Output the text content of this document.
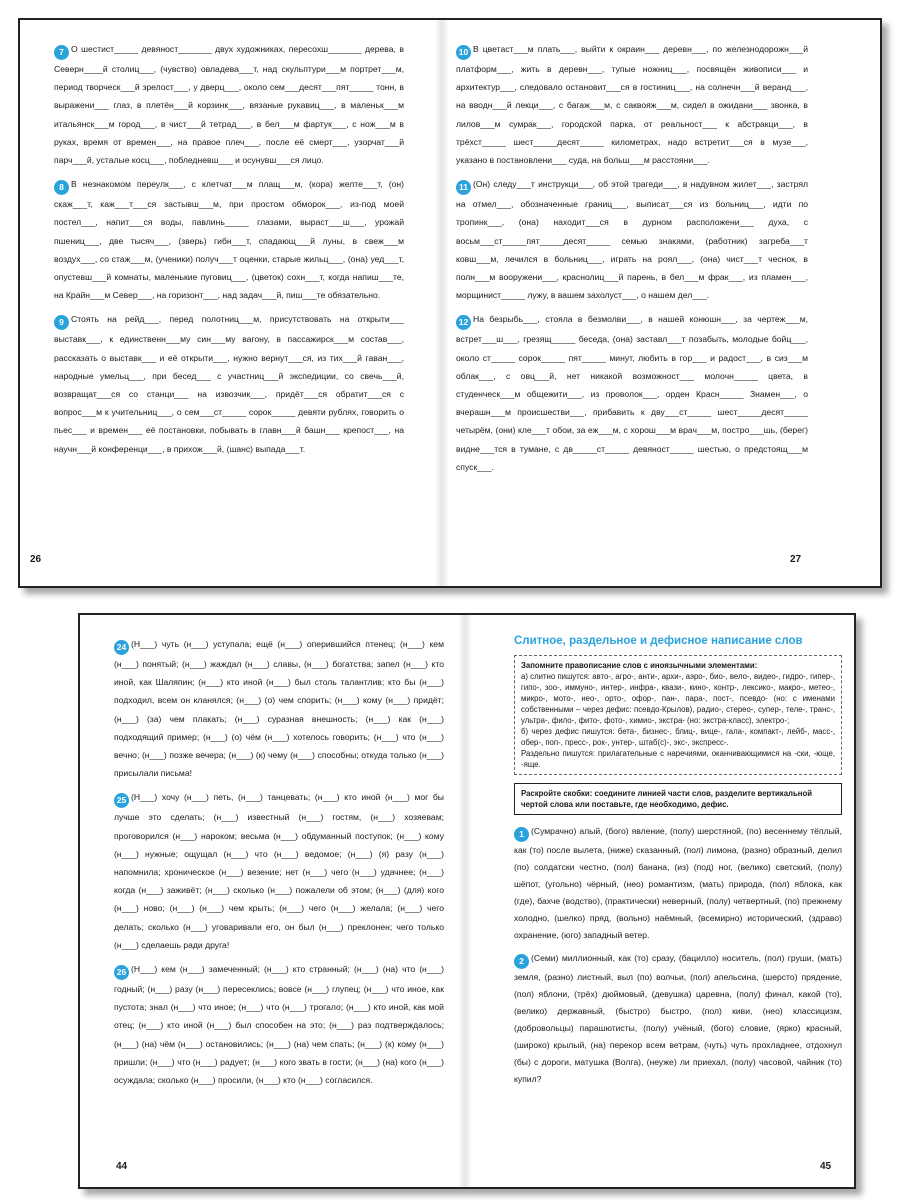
7 О шестист_____ девяност_______ двух художниках, пересохш_______ дерева, в Северн____й столиц___, (чувство) овладева___т, над скульптури___м портрет___м, период творческ___й зрелост___, у дверц___, около сем___десят___пят_____ тонн, в выражени___ глаз, в плетён___й корзинк___, вязаные рукавиц___, в маленьк___м итальянск___м город___, в чист___й тетрад___, в бел___м фартук___, с нож___м в руках, время от времен___, на правое плеч___, после её смерт___, узорчат___й парч___й, усталые косц___, побледневш___ и осунувш___ся лицо.

8 В незнакомом переулк___, с клетчат___м плащ___м, (кора) желте___т, (он) скаж___т, каж___т___ся застывш___м, при простом обморок___, из-под моей постел___, напит___ся воды, павлинь_____ глазами, выраст___ш___, урожай пшениц___, две тысяч___, (зверь) гибн___т, спадающ___й луны, в свеж___м воздух___, со стаж___м, (ученики) получ___т оценки, старые жильц___, (она) уед___т, опустевш___й комнаты, маленькие пуговиц___, (цветок) сохн___т, когда напиш___те, на Крайн___м Север___, на горизонт___, над задач___й, пиш___те обязательно.

9 Стоять на рейд___, перед полотниц___м, присутствовать на открыти___ выставк___, к единственн___му син___му вагону, в пассажирск___м состав___, рассказать о выставк___ и её открыти___, нужно вернут___ся, из тих___й гаван___, народные умельц___, при бесед___ с участниц___й экспедиции, со свечь___й, возвращат___ся со станци___ на извозчик___, придёт___ся обратит___ся с вопрос___м к учительниц___, о сем___ст_____ сорок_____ девяти рублях, говорить о пьес___ и времен___ её постановки, побывать в главн___й башн___ крепост___, на научн___й конференци___, в прихож___й, (шанс) выпада___т.

26

10 В цветаст___м плать___, выйти к окраин___ деревн___, по железнодорожн___й платформ___, жить в деревн___, тупые ножниц___, посвящён живописи___ и архитектур___, следовало остановит___ся в гостиниц___, на солнечн___й веранд___, на вводн___й лекци___, с багаж___м, с саквояж___м, сидел в ожидани___ звонка, в лилов___м сумрак___, городской парка, от реальност___ к абстракци___, в трёхст_____ шест_____десят_____ километрах, надо встретит___ся в музе___, указано в постановлени___ суда, на больш___м расстояни___.

11 (Он) следу___т инструкци___, об этой трагеди___, в надувном жилет___, застрял на отмел___, обозначенные границ___, выписат___ся из больниц___, идти по тропинк___, (она) находит___ся в дурном расположени___ духа, с восьм___ст_____пят_____десят_____ семью знаками, (работник) загреба___т ковш___м, лечился в больниц___, играть на роял___, (она) чист___т чеснок, в полн___м вооружени___, краснолиц___й парень, в бел___м фрак___, из пламен___, морщинист_____ лужу, в вашем захолуст___, о нашем дел___.

12 На безрыбь___, стояла в безмолви___, в нашей конюшн___, за чертеж___м, встрет___ш___, грезящ_____ беседа, (она) заставл___т позабыть, молодые бойц___, около ст_____ сорок_____ пят_____ минут, любить в гор___ и радост___, в сиз___м облак___, с овц___й, нет никакой возможност___ молочн_____ цвета, в студенческ___м общежити___, из проволок___, орден Красн_____ Знамен___, о вчерашн___м происшестви___, прибавить к дву___ст_____ шест_____десят_____ четырём, (они) кле___т обои, за еж___м, с хорош___м врач___м, постро___шь, (берег) видне___тся в тумане, с дв_____ст_____ девяност_____ шестью, о предстоящ___м спуск___.

27

24 (Н___) чуть (н___) уступала; ещё (н___) оперившийся птенец; (н___) кем (н___) понятый; (н___) жаждал (н___) славы, (н___) богатства; запел (н___) кто иной, как Шаляпин; (н___) кто иной (н___) был столь талантлив; кто бы (н___) подходил, всем он кланялся; (н___) (о) чем спорить; (н___) кому (н___) придёт; (н___) (за) чем плакать; (н___) суразная внешность; (н___) как (н___) подходящий пример; (н___) (о) чём (н___) хотелось говорить; (н___) что (н___) вечно; (н___) позже вечера; (н___) (к) чему (н___) способны; откуда только (н___) присылали письма!

25 (Н___) хочу (н___) петь, (н___) танцевать; (н___) кто иной (н___) мог бы лучше это сделать; (н___) известный (н___) гостям, (н___) хозяевам; проговорился (н___) нароком; весьма (н___) обдуманный поступок; (н___) кому (н___) нужные; ощущал (н___) что (н___) ведомое; (н___) (я) разу (н___) напомнила; хроническое (н___) везение; нет (н___) чего (н___) удачнее; (н___) когда (н___) заживёт; (н___) сколько (н___) пожалели об этом; (н___) (для) кого (н___) ново; (н___) (н___) чем крыть; (н___) чего (н___) желала; (н___) чего делать; сколько (н___) уговаривали его, он был (н___) преклонен; чего только (н___) сделаешь ради друга!

26 (Н___) кем (н___) замеченный; (н___) кто странный; (н___) (на) что (н___) годный; (н___) разу (н___) пересеклись; вовсе (н___) глупец; (н___) что иное, как пустота; знал (н___) что иное; (н___) что (н___) трогало; (н___) кто иной, как мой отец; (н___) кто иной (н___) был способен на это; (н___) раз подтверждалось; (н___) (на) чём (н___) остановились; (н___) (на) чем спать; (н___) (к) кому (н___) пришли; (н___) что (н___) радует; (н___) кого звать в гости; (н___) (на) кого (н___) осуждала; сколько (н___) просили, (н___) кто (н___) согласился.

44
Слитное, раздельное и дефисное написание слов

Запомните правописание слов с иноязычными элементами:

а) слитно пишутся: авто-, агро-, анти-, архи-, аэро-, био-, вело-, видео-, гидро-, гипер-, гипо-, зоо-, иммуно-, интер-, инфра-, квази-, кино-, контр-, лексико-, макро-, метео-, микро-, мото-, нео-, орто-, офор-, пан-, пара-, пост-, псевдо- (но: с именами собственными – через дефис: псевдо-Крылов), радио-, стерео-, супер-, теле-, транс-, ультра-, фило-, фито-, фото-, химио-, экстра- (но: экстра-класс), электро-;

б) через дефис пишутся: бета-, бизнес-, блиц-, вице-, гала-, компакт-, лейб-, масс-, обер-, поп-, пресс-, рок-, унтер-, штаб(с)-, экс-, экспресс-.

Раздельно пишутся: прилагательные с наречиями, оканчивающимися на -ски, -юще, -яще.

Раскройте скобки: соедините линией части слов, разделите вертикальной чертой слова или поставьте, где необходимо, дефис.

1 (Сумрачно) алый, (бого) явление, (полу) шерстяной, (по) весеннему тёплый, как (то) после вылета, (ниже) сказанный, (пол) лимона, (разно) образный, делил (по) солдатски честно, (пол) банана, (из) (под) ног, (велико) светский, (полу) шёпот, (угольно) чёрный, (нео) романтизм, (мать) природа, (пол) яблока, как (где), бахче (водство), (практически) неверный, (полу) четвертный, (по) прежнему холодно, (шелко) пряд, (вольно) наёмный, (всемирно) исторический, (здраво) охранение, (юго) западный ветер.

2 (Семи) миллионный, как (то) сразу, (бацилло) носитель, (пол) груши, (мать) земля, (разно) листный, выл (по) волчьи, (пол) апельсина, (шерсто) прядение, (пол) яблони, (трёх) дюймовый, (девушка) царевна, (полу) финал, какой (то), (велико) державный, (быстро) быстро, (пол) киви, (нео) классицизм, (добровольцы) парашютисты, (полу) учёный, (бого) словие, (ярко) красный, (широко) крылый, (на) перекор всем ветрам, (чуть) чуть прохладнее, отдохнул (бы) с дороги, матушка (Волга), (неуже) ли приехал, (полу) часовой, чайник (то) купил?

45
